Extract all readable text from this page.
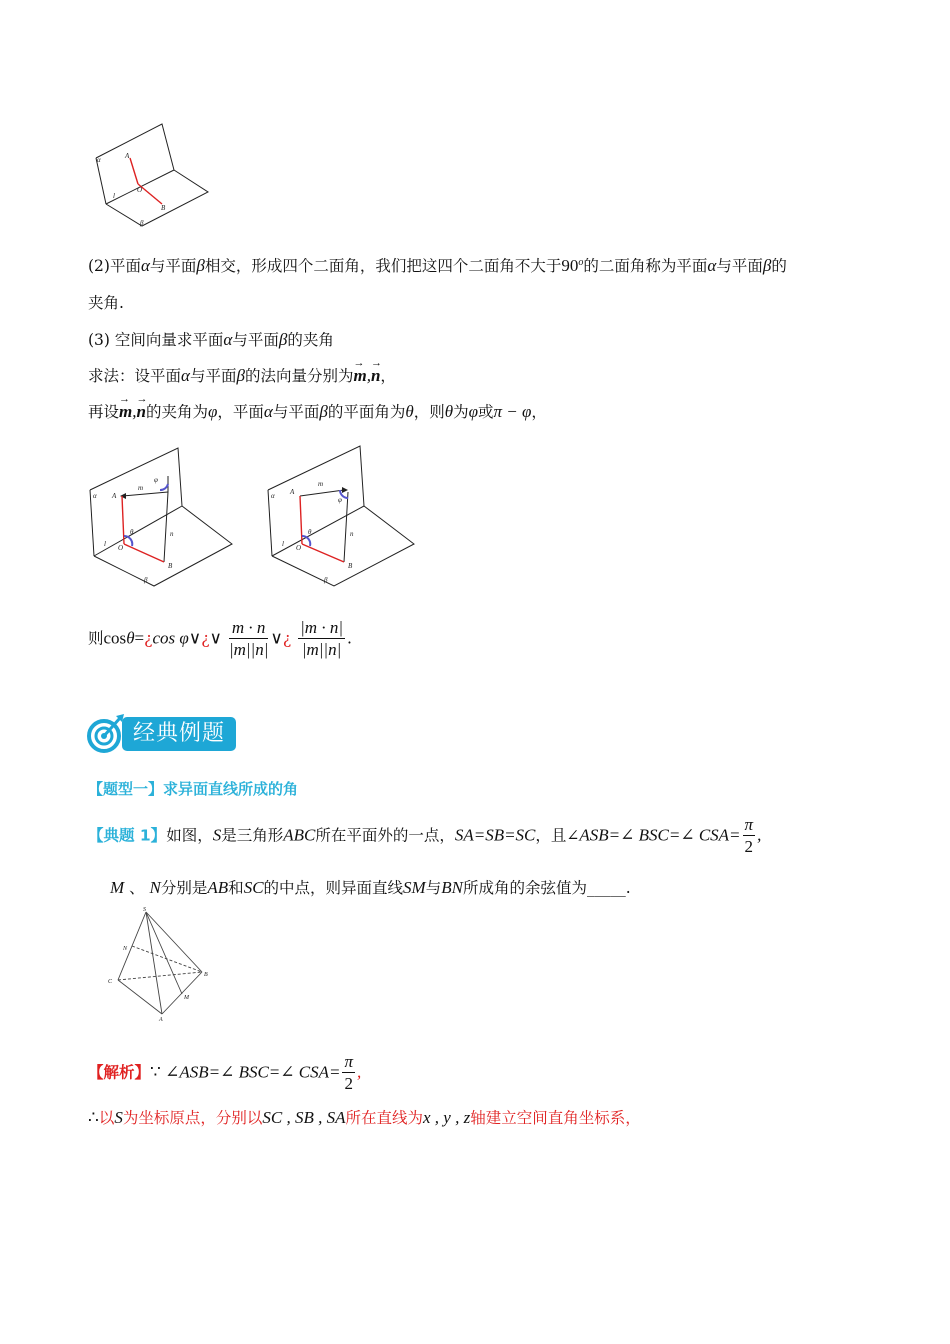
α	A
l
O
B
β
(2)平面α与平面β相交，形成四个二面角，我们把这四个二面角不大于90$^o$的二面角称为平面α与平面β的
夹角.
(3) 空间向量求平面α与平面β的夹角
求法：设平面α与平面β的法向量分别为→ m,→ n，
再设→ m,→ n的夹角为φ，平面α与平面β的平面角为θ，则θ为φ或π − φ，
α A
m
φ
θ	n
l O
B
β
α A
m
φ
θ	n
l O
B
β
则cosθ=¿cos φ∨¿∨ $\frac{m \cdot n}{|m||n|}$ ∨¿ $\frac{|m \cdot n|}{|m||n|}$ .
经典例题
【题型一】求异面直线所成的角
【典题 1】如图，S是三角形ABC所在平面外的一点，SA=SB=SC，且∠ASB=∠ BSC=∠ $CSA= \frac{\pi}{2}$ ,
M 、 N分别是AB和SC的中点，则异面直线SM与BN所成角的余弦值为_____.
S
N
B
C
M
A
【解析】∵ ∠ASB=∠ BSC=∠ $CSA= \frac{\pi}{2}$ ,
∴以S为坐标原点，分别以SC , SB , SA所在直线为x , y , z轴建立空间直角坐标系，
